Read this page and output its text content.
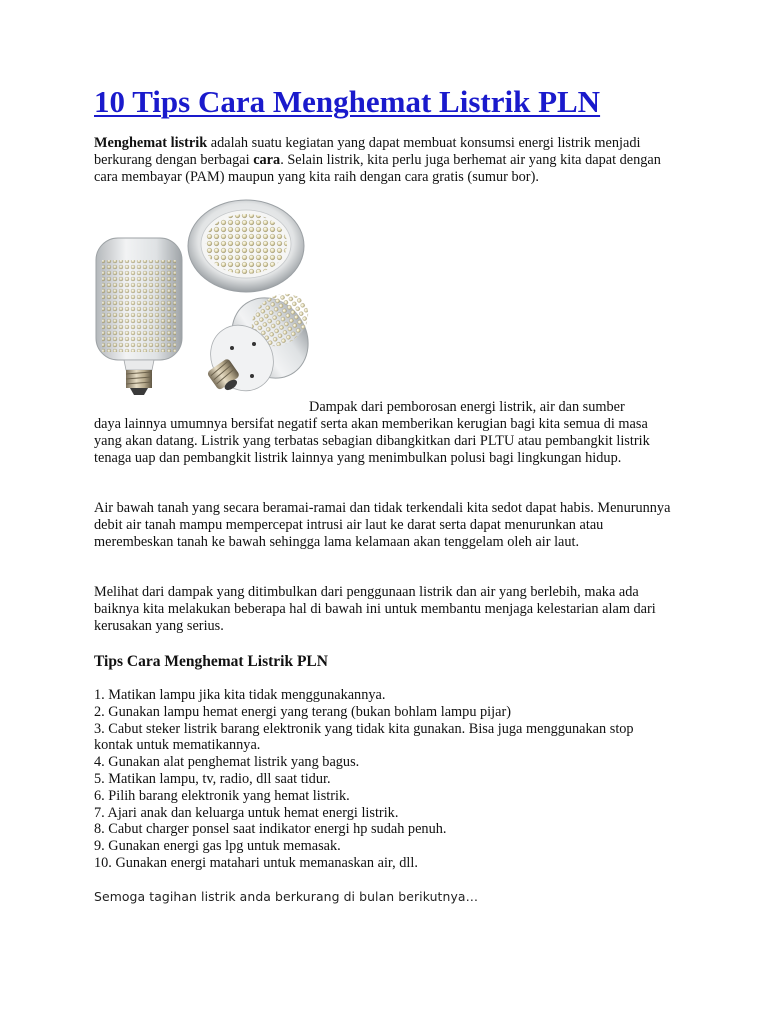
10 Tips Cara Menghemat Listrik PLN

Menghemat listrik adalah suatu kegiatan yang dapat membuat konsumsi energi listrik menjadi berkurang dengan berbagai cara. Selain listrik, kita perlu juga berhemat air yang kita dapat dengan cara membayar (PAM) maupun yang kita raih dengan cara gratis (sumur bor).

Dampak dari pemborosan energi listrik, air dan sumber

daya lainnya umumnya bersifat negatif serta akan memberikan kerugian bagi kita semua di masa yang akan datang. Listrik yang terbatas sebagian dibangkitkan dari PLTU atau pembangkit listrik tenaga uap dan pembangkit listrik lainnya yang menimbulkan polusi bagi lingkungan hidup.

Air bawah tanah yang secara beramai-ramai dan tidak terkendali kita sedot dapat habis. Menurunnya debit air tanah mampu mempercepat intrusi air laut ke darat serta dapat menurunkan atau merembeskan tanah ke bawah sehingga lama kelamaan akan tenggelam oleh air laut.

Melihat dari dampak yang ditimbulkan dari penggunaan listrik dan air yang berlebih, maka ada baiknya kita melakukan beberapa hal di bawah ini untuk membantu menjaga kelestarian alam dari kerusakan yang serius.

Tips Cara Menghemat Listrik PLN
1. Matikan lampu jika kita tidak menggunakannya.
2. Gunakan lampu hemat energi yang terang (bukan bohlam lampu pijar)
3. Cabut steker listrik barang elektronik yang tidak kita gunakan. Bisa juga menggunakan stop kontak untuk mematikannya.
4. Gunakan alat penghemat listrik yang bagus.
5. Matikan lampu, tv, radio, dll saat tidur.
6. Pilih barang elektronik yang hemat listrik.
7. Ajari anak dan keluarga untuk hemat energi listrik.
8. Cabut charger ponsel saat indikator energi hp sudah penuh.
9. Gunakan energi gas lpg untuk memasak.
10. Gunakan energi matahari untuk memanaskan air, dll.

Semoga tagihan listrik anda berkurang di bulan berikutnya…
